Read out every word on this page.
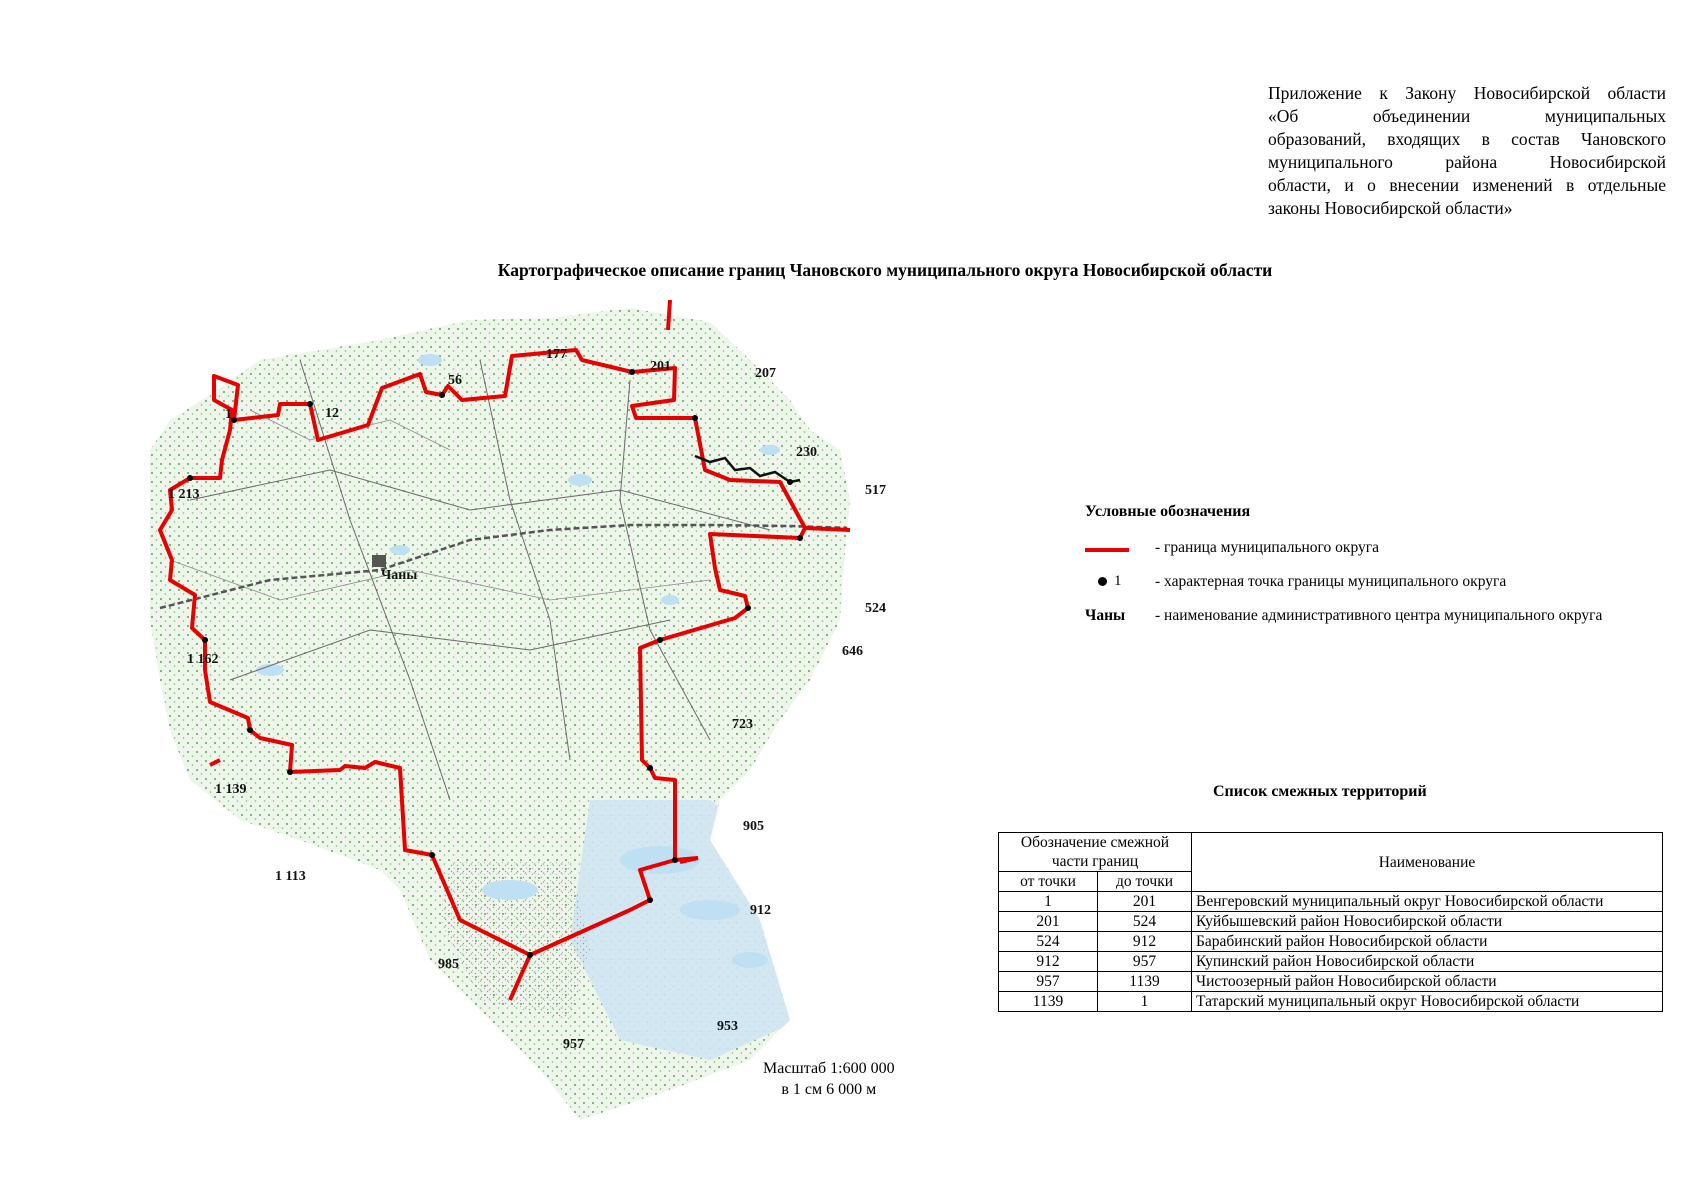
Приложение к Закону Новосибирской области
«Об объединении муниципальных
образований, входящих в состав Чановского
муниципального района Новосибирской
области, и о внесении изменений в отдельные
законы Новосибирской области»
Картографическое описание границ Чановского муниципального округа Новосибирской области
1	12
56
177
201	207
230
517
524
646
723
905
912
953
957
985
1 113
1 139
1 162
1 213
Чаны
Условные обозначения
- граница муниципального округа
1 - характерная точка границы муниципального округа
Чаны - наименование административного центра муниципального округа
Список смежных территорий
Обозначение смежной части границ		Наименование
от точки	до точки	
1	201	Венгеровский муниципальный округ Новосибирской области
201	524	Куйбышевский район Новосибирской области
524	912	Барабинский район Новосибирской области
912	957	Купинский район Новосибирской области
957	1139	Чистоозерный район Новосибирской области
1139	1	Татарский муниципальный округ Новосибирской области
Масштаб 1:600 000
в 1 см 6 000 м
